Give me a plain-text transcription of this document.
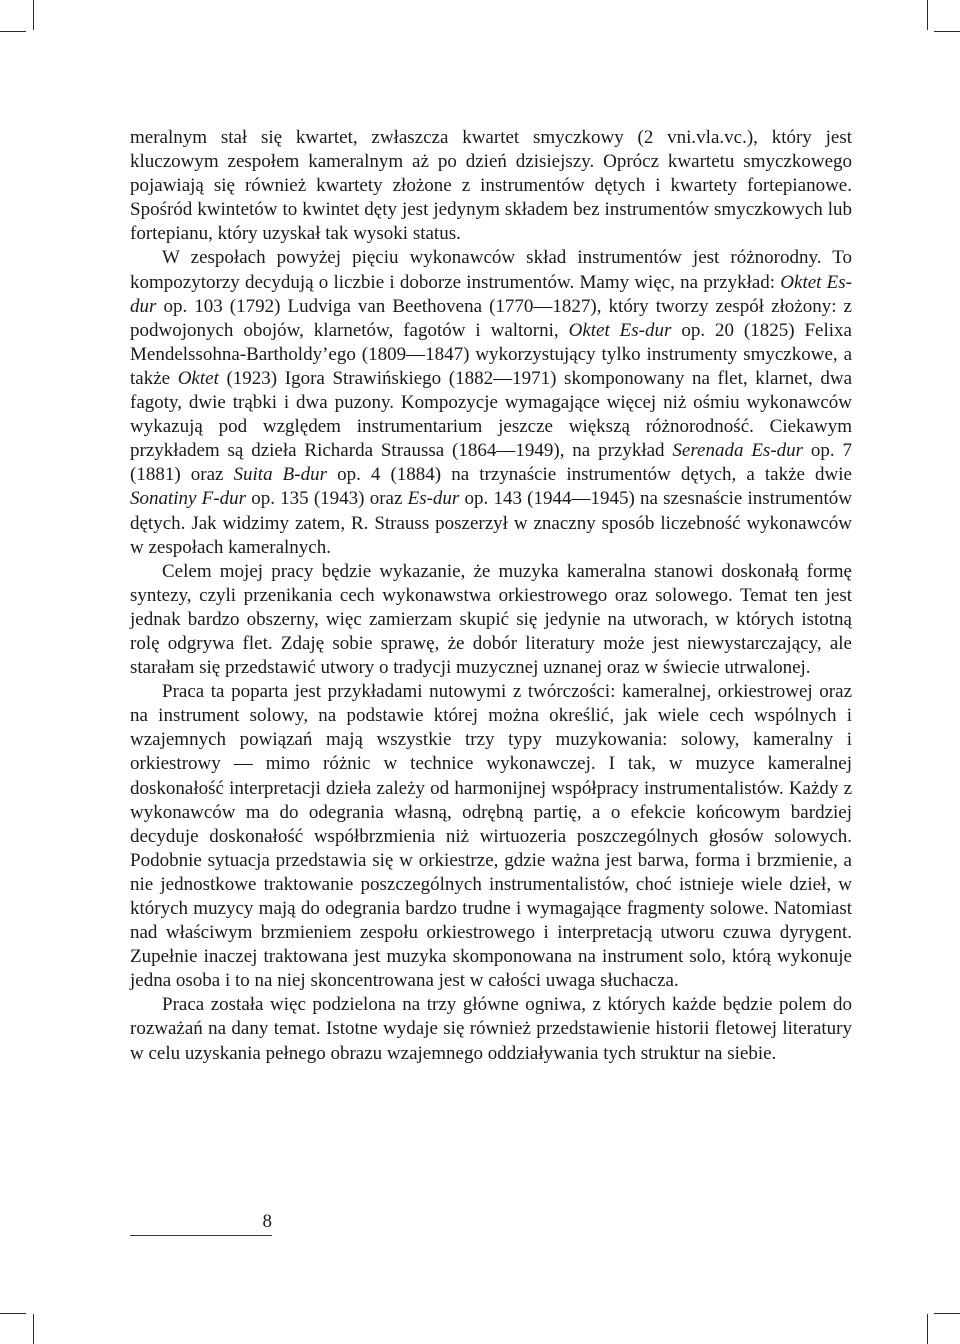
meralnym stał się kwartet, zwłaszcza kwartet smyczkowy (2 vni.vla.vc.), który jest kluczowym zespołem kameralnym aż po dzień dzisiejszy. Oprócz kwartetu smyczkowego pojawiają się również kwartety złożone z instrumentów dętych i kwartety fortepianowe. Spośród kwintetów to kwintet dęty jest jedynym składem bez instrumentów smyczkowych lub fortepianu, który uzyskał tak wysoki status.

W zespołach powyżej pięciu wykonawców skład instrumentów jest różnorodny. To kompozytorzy decydują o liczbie i doborze instrumentów. Mamy więc, na przykład: Oktet Es-dur op. 103 (1792) Ludviga van Beethovena (1770—1827), który tworzy zespół złożony: z podwojonych obojów, klarnetów, fagotów i waltorni, Oktet Es-dur op. 20 (1825) Felixa Mendelssohna-Bartholdy’ego (1809—1847) wykorzystujący tylko instrumenty smyczkowe, a także Oktet (1923) Igora Strawińskiego (1882—1971) skomponowany na flet, klarnet, dwa fagoty, dwie trąbki i dwa puzony. Kompozycje wymagające więcej niż ośmiu wykonawców wykazują pod względem instrumentarium jeszcze większą różnorodność. Ciekawym przykładem są dzieła Richarda Straussa (1864—1949), na przykład Serenada Es-dur op. 7 (1881) oraz Suita B-dur op. 4 (1884) na trzynaście instrumentów dętych, a także dwie Sonatiny F-dur op. 135 (1943) oraz Es-dur op. 143 (1944—1945) na szesnaście instrumentów dętych. Jak widzimy zatem, R. Strauss poszerzył w znaczny sposób liczebność wykonawców w zespołach kameralnych.

Celem mojej pracy będzie wykazanie, że muzyka kameralna stanowi doskonałą formę syntezy, czyli przenikania cech wykonawstwa orkiestrowego oraz solowego. Temat ten jest jednak bardzo obszerny, więc zamierzam skupić się jedynie na utworach, w których istotną rolę odgrywa flet. Zdaję sobie sprawę, że dobór literatury może jest niewystarczający, ale starałam się przedstawić utwory o tradycji muzycznej uznanej oraz w świecie utrwalonej.

Praca ta poparta jest przykładami nutowymi z twórczości: kameralnej, orkiestrowej oraz na instrument solowy, na podstawie której można określić, jak wiele cech wspólnych i wzajemnych powiązań mają wszystkie trzy typy muzykowania: solowy, kameralny i orkiestrowy — mimo różnic w technice wykonawczej. I tak, w muzyce kameralnej doskonałość interpretacji dzieła zależy od harmonijnej współpracy instrumentalistów. Każdy z wykonawców ma do odegrania własną, odrębną partię, a o efekcie końcowym bardziej decyduje doskonałość współbrzmienia niż wirtuozeria poszczególnych głosów solowych. Podobnie sytuacja przedstawia się w orkiestrze, gdzie ważna jest barwa, forma i brzmienie, a nie jednostkowe traktowanie poszczególnych instrumentalistów, choć istnieje wiele dzieł, w których muzycy mają do odegrania bardzo trudne i wymagające fragmenty solowe. Natomiast nad właściwym brzmieniem zespołu orkiestrowego i interpretacją utworu czuwa dyrygent. Zupełnie inaczej traktowana jest muzyka skomponowana na instrument solo, którą wykonuje jedna osoba i to na niej skoncentrowana jest w całości uwaga słuchacza.

Praca została więc podzielona na trzy główne ogniwa, z których każde będzie polem do rozważań na dany temat. Istotne wydaje się również przedstawienie historii fletowej literatury w celu uzyskania pełnego obrazu wzajemnego oddziaływania tych struktur na siebie.

8
